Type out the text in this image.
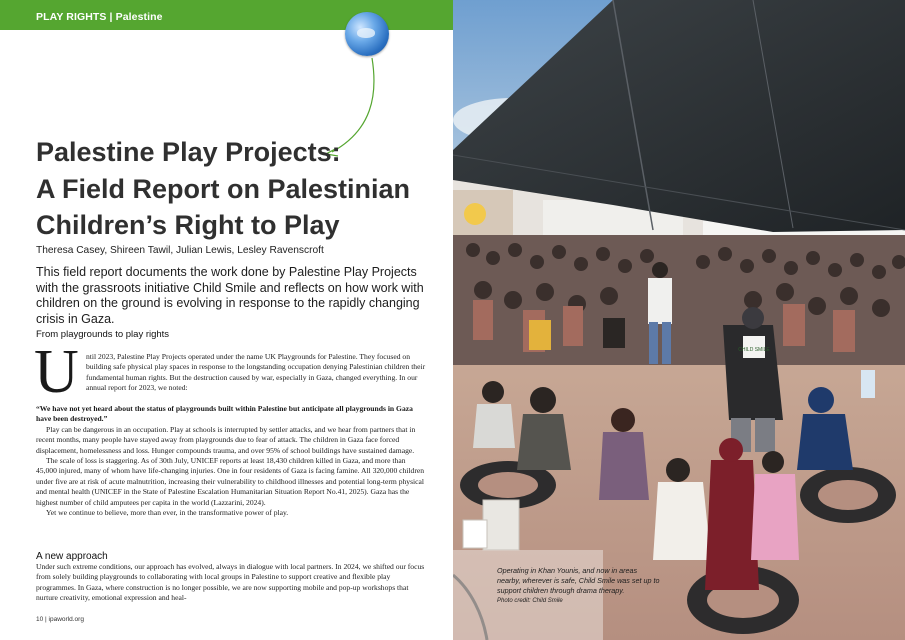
PLAY RIGHTS | Palestine
Palestine Play Projects:
A Field Report on Palestinian
Children’s Right to Play
Theresa Casey, Shireen Tawil, Julian Lewis, Lesley Ravenscroft
This field report documents the work done by Palestine Play Projects with the grassroots initiative Child Smile and reflects on how work with children on the ground is evolving in response to the rapidly changing crisis in Gaza.
From playgrounds to play rights
U ntil 2023, Palestine Play Projects operated under the name UK Playgrounds for Palestine. They focused on building safe physical play spaces in response to the longstanding occupation denying Palestinian children their fundamental human rights. But the destruction caused by war, especially in Gaza, changed everything. In our annual report for 2023, we noted:

“We have not yet heard about the status of playgrounds built within Palestine but anticipate all playgrounds in Gaza have been destroyed.”

Play can be dangerous in an occupation. Play at schools is interrupted by settler attacks, and we hear from partners that in recent months, many people have stayed away from playgrounds due to fear of attack. The children in Gaza face forced displacement, homelessness and loss. Hunger compounds trauma, and over 95% of school buildings have sustained damage.

The scale of loss is staggering. As of 30th July, UNICEF reports at least 18,430 children killed in Gaza, and more than 45,000 injured, many of whom have life-changing injuries. One in four residents of Gaza is facing famine. All 320,000 children under five are at risk of acute malnutrition, increasing their vulnerability to childhood illnesses and potential long-term physical and mental health (UNICEF in the State of Palestine Escalation Humanitarian Situation Report No.41, 2025). Gaza has the highest number of child amputees per capita in the world (Lazzarini, 2024).

Yet we continue to believe, more than ever, in the transformative power of play.

A new approach

Under such extreme conditions, our approach has evolved, always in dialogue with local partners. In 2024, we shifted our focus from solely building playgrounds to collaborating with local groups in Palestine to support creative and flexible play programmes. In Gaza, where construction is no longer possible, we are now supporting mobile and pop-up workshops that nurture creativity, emotional expression and heal-

10 | ipaworld.org
CHILD SMILE
Operating in Khan Younis, and now in areas nearby, wherever is safe, Child Smile was set up to support children through drama therapy.
Photo credit: Child Smile
